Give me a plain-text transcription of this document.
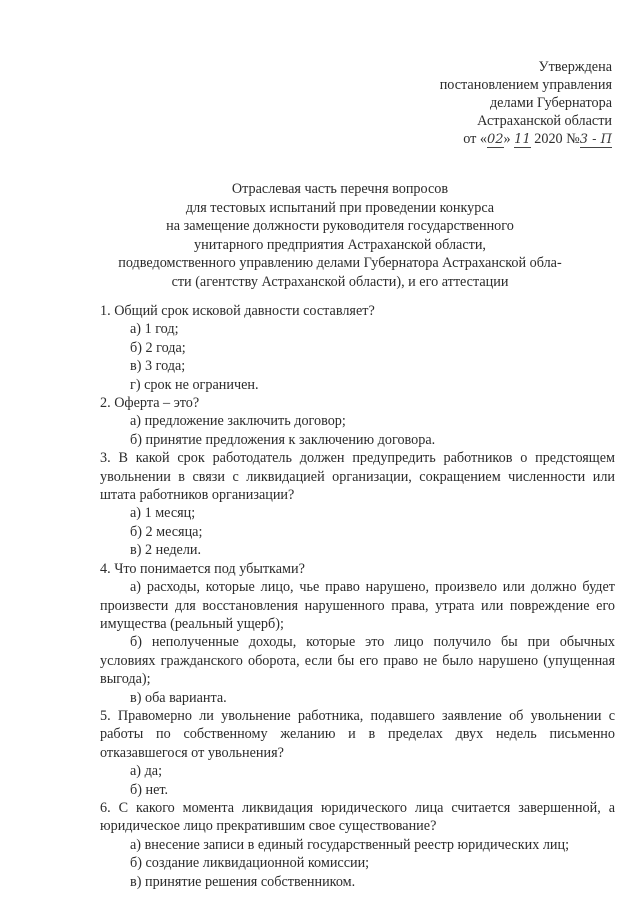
Утверждена
постановлением управления
делами Губернатора
Астраханской области
от «02» 11 2020 №3 - П
Отраслевая часть перечня вопросов
для тестовых испытаний при проведении конкурса
на замещение должности руководителя государственного
унитарного предприятия Астраханской области,
подведомственного управлению делами Губернатора Астраханской обла-
сти (агентству Астраханской области), и его аттестации

1. Общий срок исковой давности составляет?

а) 1 год;

б) 2 года;

в) 3 года;

г) срок не ограничен.

2. Оферта – это?

а) предложение заключить договор;

б) принятие предложения к заключению договора.

3. В какой срок работодатель должен предупредить работников о предстоящем увольнении в связи с ликвидацией организации, сокращением численности или штата работников организации?

а) 1 месяц;

б) 2 месяца;

в) 2 недели.

4. Что понимается под убытками?

а) расходы, которые лицо, чье право нарушено, произвело или должно будет произвести для восстановления нарушенного права, утрата или повреждение его имущества (реальный ущерб);

б) неполученные доходы, которые это лицо получило бы при обычных условиях гражданского оборота, если бы его право не было нарушено (упущенная выгода);

в) оба варианта.

5. Правомерно ли увольнение работника, подавшего заявление об увольнении с работы по собственному желанию и в пределах двух недель письменно отказавшегося от увольнения?

а) да;

б) нет.

6. С какого момента ликвидация юридического лица считается завершенной, а юридическое лицо прекратившим свое существование?

а) внесение записи в единый государственный реестр юридических лиц;

б) создание ликвидационной комиссии;

в) принятие решения собственником.
